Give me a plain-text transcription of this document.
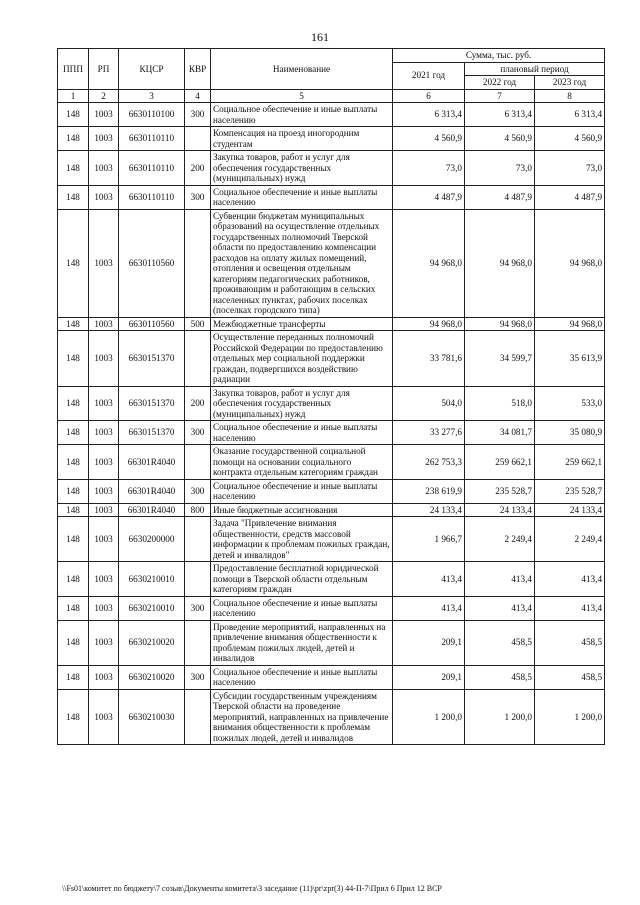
161
ППП	РП	КЦСР	КВР	Наименование	Сумма, тыс. руб.		
					2021 год	плановый период	
						2022 год	2023 год
1	2	3	4	5	6	7	8
148	1003	6630110100	300	Социальное обеспечение и иные выплаты населению	6 313,4	6 313,4	6 313,4
148	1003	6630110110		Компенсация на проезд иногородним студентам	4 560,9	4 560,9	4 560,9
148	1003	6630110110	200	Закупка товаров, работ и услуг для обеспечения государственных (муниципальных) нужд	73,0	73,0	73,0
148	1003	6630110110	300	Социальное обеспечение и иные выплаты населению	4 487,9	4 487,9	4 487,9
148	1003	6630110560		Субвенции бюджетам муниципальных образований на осуществление отдельных государственных полномочий Тверской области по предоставлению компенсации расходов на оплату жилых помещений, отопления и освещения отдельным категориям педагогических работников, проживающим и работающим в сельских населенных пунктах, рабочих поселках (поселках городского типа)	94 968,0	94 968,0	94 968,0
148	1003	6630110560	500	Межбюджетные трансферты	94 968,0	94 968,0	94 968,0
148	1003	6630151370		Осуществление переданных полномочий Российской Федерации по предоставлению отдельных мер социальной поддержки граждан, подвергшихся воздействию радиации	33 781,6	34 599,7	35 613,9
148	1003	6630151370	200	Закупка товаров, работ и услуг для обеспечения государственных (муниципальных) нужд	504,0	518,0	533,0
148	1003	6630151370	300	Социальное обеспечение и иные выплаты населению	33 277,6	34 081,7	35 080,9
148	1003	66301R4040		Оказание государственной социальной помощи на основании социального контракта отдельным категориям граждан	262 753,3	259 662,1	259 662,1
148	1003	66301R4040	300	Социальное обеспечение и иные выплаты населению	238 619,9	235 528,7	235 528,7
148	1003	66301R4040	800	Иные бюджетные ассигнования	24 133,4	24 133,4	24 133,4
148	1003	6630200000		Задача "Привлечение внимания общественности, средств массовой информации к проблемам пожилых граждан, детей и инвалидов"	1 966,7	2 249,4	2 249,4
148	1003	6630210010		Предоставление бесплатной юридической помощи в Тверской области отдельным категориям граждан	413,4	413,4	413,4
148	1003	6630210010	300	Социальное обеспечение и иные выплаты населению	413,4	413,4	413,4
148	1003	6630210020		Проведение мероприятий, направленных на привлечение внимания общественности к проблемам пожилых людей, детей и инвалидов	209,1	458,5	458,5
148	1003	6630210020	300	Социальное обеспечение и иные выплаты населению	209,1	458,5	458,5
148	1003	6630210030		Субсидии государственным учреждениям Тверской области на проведение мероприятий, направленных на привлечение внимания общественности к проблемам пожилых людей, детей и инвалидов	1 200,0	1 200,0	1 200,0
\\Fs01\комитет по бюджету\7 созыв\Документы комитета\3 заседание (11)\pr\zpr(3) 44-П-7\Прил 6 Прил 12 ВСР
